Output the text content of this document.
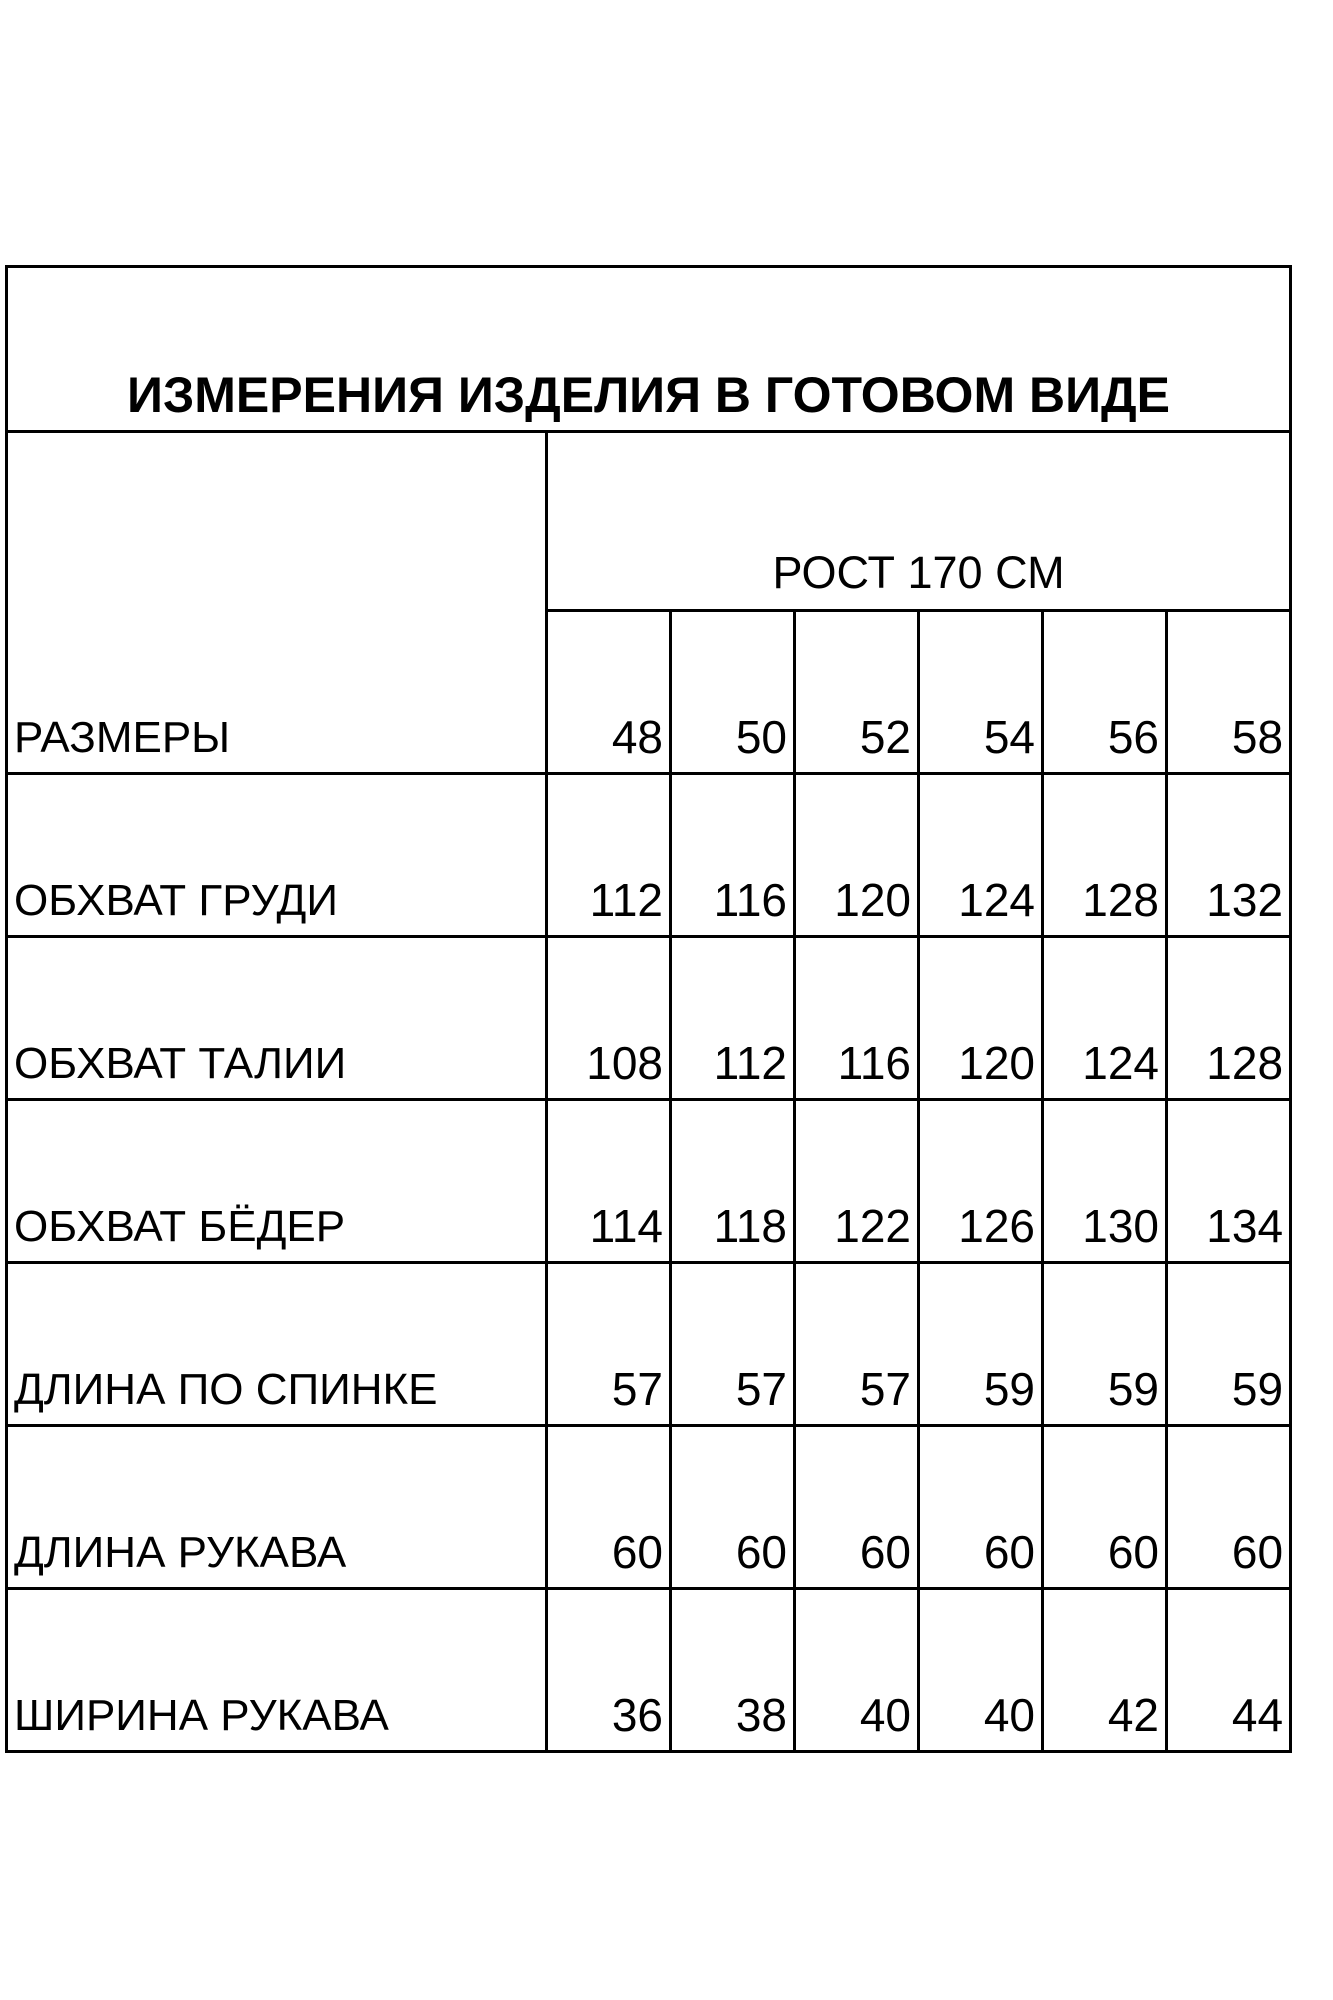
ИЗМЕРЕНИЯ ИЗДЕЛИЯ В ГОТОВОМ ВИДЕ						
	РОСТ 170 СМ					
РАЗМЕРЫ	48	50	52	54	56	58
ОБХВАТ ГРУДИ	112	116	120	124	128	132
ОБХВАТ ТАЛИИ	108	112	116	120	124	128
ОБХВАТ БЁДЕР	114	118	122	126	130	134
ДЛИНА ПО СПИНКЕ	57	57	57	59	59	59
ДЛИНА РУКАВА	60	60	60	60	60	60
ШИРИНА РУКАВА	36	38	40	40	42	44
